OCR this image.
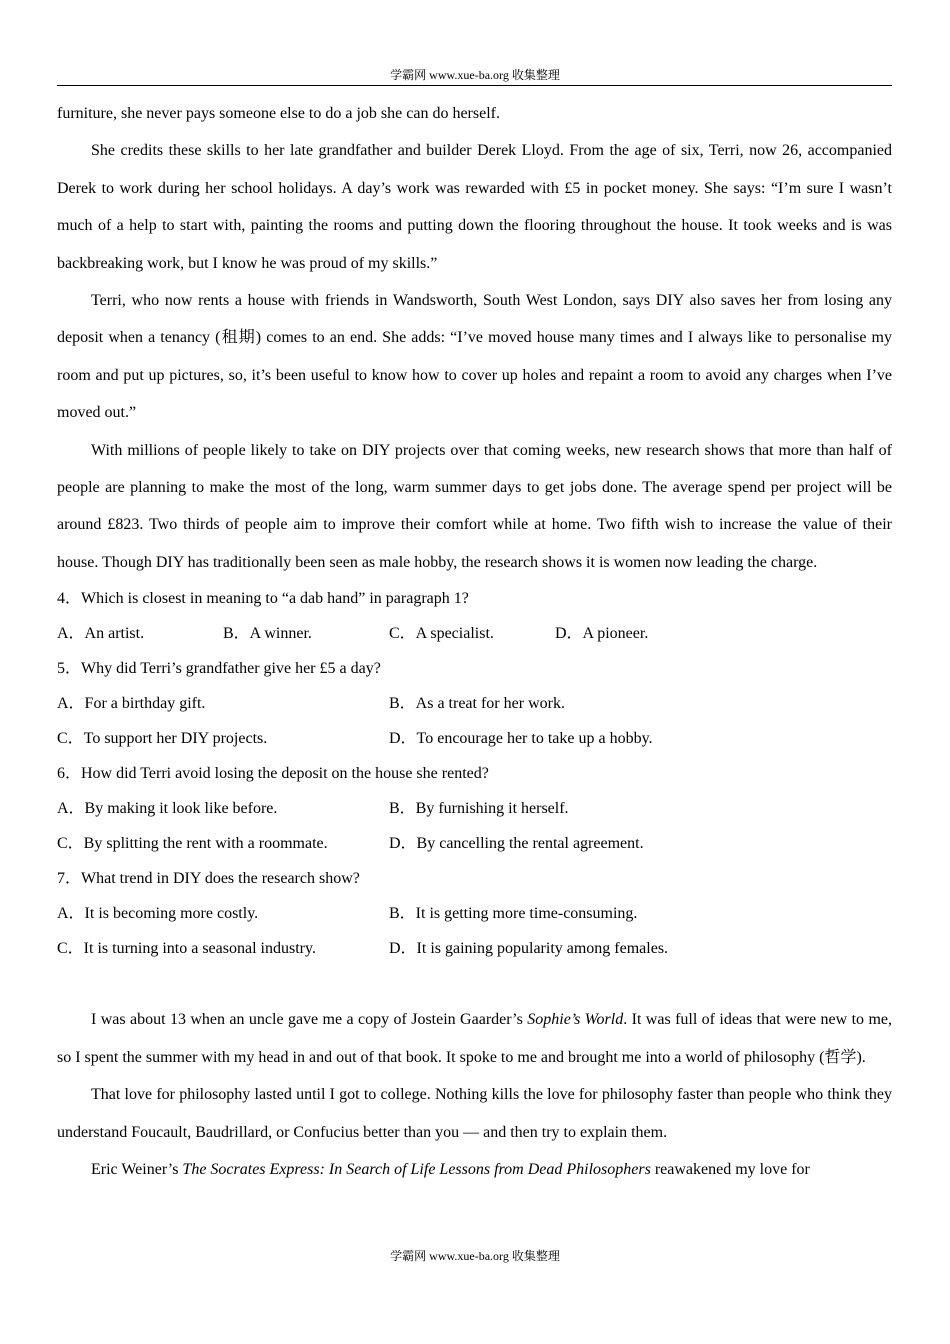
学霸网 www.xue-ba.org 收集整理

furniture, she never pays someone else to do a job she can do herself.

She credits these skills to her late grandfather and builder Derek Lloyd. From the age of six, Terri, now 26, accompanied Derek to work during her school holidays. A day’s work was rewarded with £5 in pocket money. She says: “I’m sure I wasn’t much of a help to start with, painting the rooms and putting down the flooring throughout the house. It took weeks and is was backbreaking work, but I know he was proud of my skills.”

Terri, who now rents a house with friends in Wandsworth, South West London, says DIY also saves her from losing any deposit when a tenancy (租期) comes to an end. She adds: “I’ve moved house many times and I always like to personalise my room and put up pictures, so, it’s been useful to know how to cover up holes and repaint a room to avoid any charges when I’ve moved out.”

With millions of people likely to take on DIY projects over that coming weeks, new research shows that more than half of people are planning to make the most of the long, warm summer days to get jobs done. The average spend per project will be around £823. Two thirds of people aim to improve their comfort while at home. Two fifth wish to increase the value of their house. Though DIY has traditionally been seen as male hobby, the research shows it is women now leading the charge.

4．Which is closest in meaning to “a dab hand” in paragraph 1?
A．An artist.	B．A winner.	C．A specialist.	D．A pioneer.
5．Why did Terri’s grandfather give her £5 a day?
A．For a birthday gift.	B．As a treat for her work.
C．To support her DIY projects.	D．To encourage her to take up a hobby.
6．How did Terri avoid losing the deposit on the house she rented?
A．By making it look like before.	B．By furnishing it herself.
C．By splitting the rent with a roommate.	D．By cancelling the rental agreement.
7．What trend in DIY does the research show?
A．It is becoming more costly.	B．It is getting more time-consuming.
C．It is turning into a seasonal industry.	D．It is gaining popularity among females.

I was about 13 when an uncle gave me a copy of Jostein Gaarder’s Sophie’s World. It was full of ideas that were new to me, so I spent the summer with my head in and out of that book. It spoke to me and brought me into a world of philosophy (哲学).

That love for philosophy lasted until I got to college. Nothing kills the love for philosophy faster than people who think they understand Foucault, Baudrillard, or Confucius better than you — and then try to explain them.

Eric Weiner’s The Socrates Express: In Search of Life Lessons from Dead Philosophers reawakened my love for

学霸网 www.xue-ba.org 收集整理
